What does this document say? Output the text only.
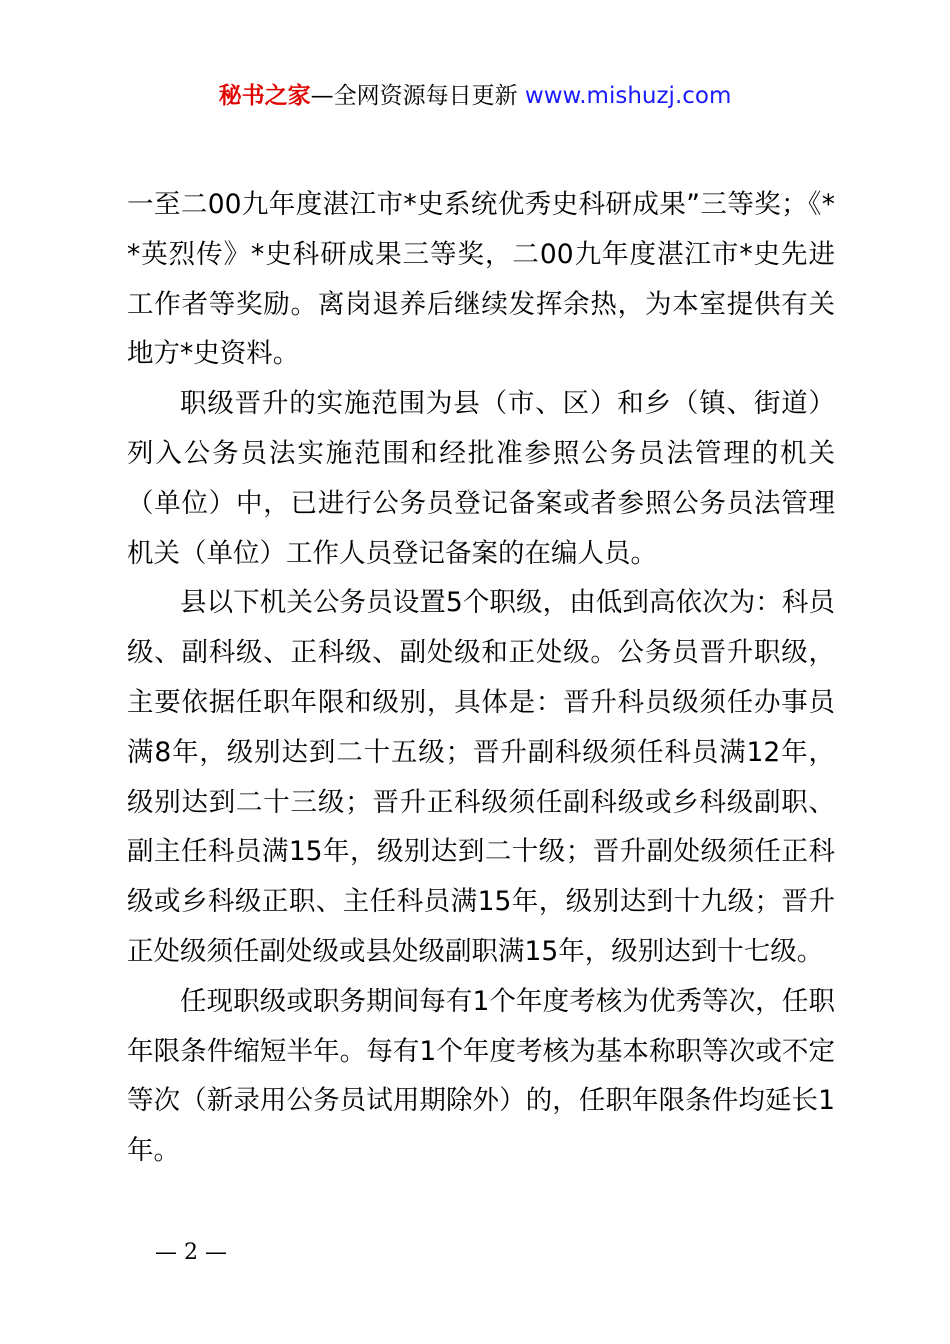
秘书之家—全网资源每日更新 www.mishuzj.com

一至二00九年度湛江市*史系统优秀史科研成果”三等奖；《**英烈传》*史科研成果三等奖，二00九年度湛江市*史先进工作者等奖励。离岗退养后继续发挥余热，为本室提供有关地方*史资料。

职级晋升的实施范围为县（市、区）和乡（镇、街道）列入公务员法实施范围和经批准参照公务员法管理的机关（单位）中，已进行公务员登记备案或者参照公务员法管理机关（单位）工作人员登记备案的在编人员。

县以下机关公务员设置5个职级，由低到高依次为：科员级、副科级、正科级、副处级和正处级。公务员晋升职级，主要依据任职年限和级别，具体是：晋升科员级须任办事员满8年，级别达到二十五级；晋升副科级须任科员满12年，级别达到二十三级；晋升正科级须任副科级或乡科级副职、副主任科员满15年，级别达到二十级；晋升副处级须任正科级或乡科级正职、主任科员满15年，级别达到十九级；晋升正处级须任副处级或县处级副职满15年，级别达到十七级。

任现职级或职务期间每有1个年度考核为优秀等次，任职年限条件缩短半年。每有1个年度考核为基本称职等次或不定等次（新录用公务员试用期除外）的，任职年限条件均延长1年。

— 2 —
